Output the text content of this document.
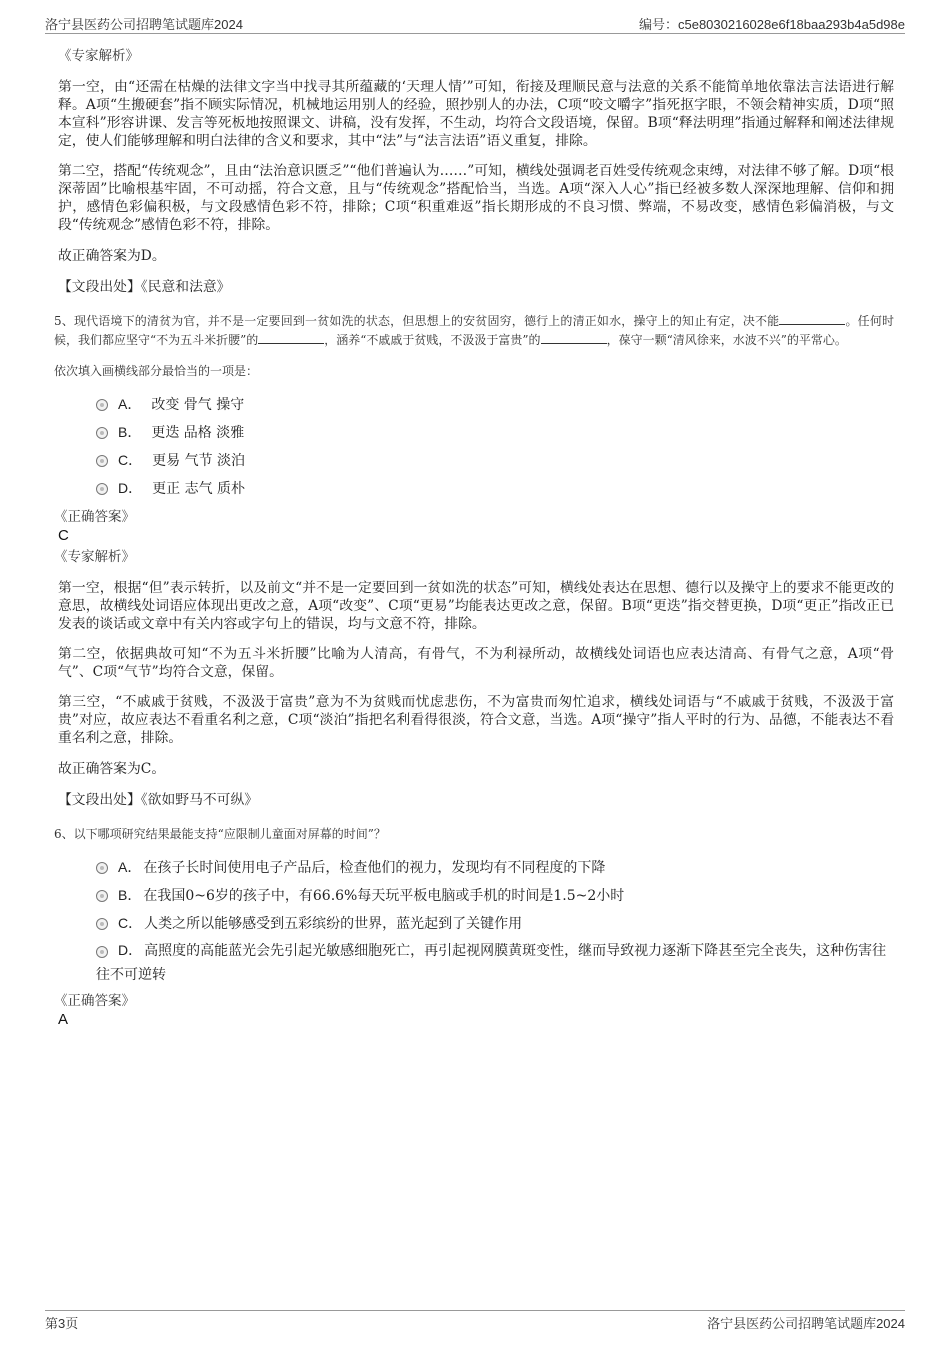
洛宁县医药公司招聘笔试题库2024	编号：c5e8030216028e6f18baa293b4a5d98e
《专家解析》

第一空，由“还需在枯燥的法律文字当中找寻其所蕴藏的‘天理人情’”可知，衔接及理顺民意与法意的关系不能简单地依靠法言法语进行解释。A项“生搬硬套”指不顾实际情况，机械地运用别人的经验，照抄别人的办法，C项“咬文嚼字”指死抠字眼，不领会精神实质，D项“照本宣科”形容讲课、发言等死板地按照课文、讲稿，没有发挥，不生动，均符合文段语境，保留。B项“释法明理”指通过解释和阐述法律规定，使人们能够理解和明白法律的含义和要求，其中“法”与“法言法语”语义重复，排除。

第二空，搭配“传统观念”，且由“法治意识匮乏”“他们普遍认为……”可知，横线处强调老百姓受传统观念束缚，对法律不够了解。D项“根深蒂固”比喻根基牢固，不可动摇，符合文意，且与“传统观念”搭配恰当，当选。A项“深入人心”指已经被多数人深深地理解、信仰和拥护，感情色彩偏积极，与文段感情色彩不符，排除；C项“积重难返”指长期形成的不良习惯、弊端，不易改变，感情色彩偏消极，与文段“传统观念”感情色彩不符，排除。

故正确答案为D。

【文段出处】《民意和法意》

5、现代语境下的清贫为官，并不是一定要回到一贫如洗的状态，但思想上的安贫固穷，德行上的清正如水，操守上的知止有定，决不能	。任何时候，我们都应坚守“不为五斗米折腰”的	，涵养“不戚戚于贫贱，不汲汲于富贵”的	，葆守一颗“清风徐来，水波不兴”的平常心。

依次填入画横线部分最恰当的一项是：

A． 改变 骨气 操守
B． 更迭 品格 淡雅
C． 更易 气节 淡泊
D． 更正 志气 质朴
《正确答案》
C
《专家解析》

第一空，根据“但”表示转折，以及前文“并不是一定要回到一贫如洗的状态”可知，横线处表达在思想、德行以及操守上的要求不能更改的意思，故横线处词语应体现出更改之意，A项“改变”、C项“更易”均能表达更改之意，保留。B项“更迭”指交替更换，D项“更正”指改正已发表的谈话或文章中有关内容或字句上的错误，均与文意不符，排除。

第二空，依据典故可知“不为五斗米折腰”比喻为人清高，有骨气，不为利禄所动，故横线处词语也应表达清高、有骨气之意，A项“骨气”、C项“气节”均符合文意，保留。

第三空，“不戚戚于贫贱，不汲汲于富贵”意为不为贫贱而忧虑悲伤，不为富贵而匆忙追求，横线处词语与“不戚戚于贫贱，不汲汲于富贵”对应，故应表达不看重名利之意，C项“淡泊”指把名利看得很淡，符合文意，当选。A项“操守”指人平时的行为、品德，不能表达不看重名利之意，排除。

故正确答案为C。

【文段出处】《欲如野马不可纵》

6、以下哪项研究结果最能支持“应限制儿童面对屏幕的时间”？

A． 在孩子长时间使用电子产品后，检查他们的视力，发现均有不同程度的下降
B． 在我国0~6岁的孩子中，有66.6%每天玩平板电脑或手机的时间是1.5~2小时
C． 人类之所以能够感受到五彩缤纷的世界，蓝光起到了关键作用
D． 高照度的高能蓝光会先引起光敏感细胞死亡，再引起视网膜黄斑变性，继而导致视力逐渐下降甚至完全丧失，这种伤害往往不可逆转
《正确答案》
A
第3页	洛宁县医药公司招聘笔试题库2024
